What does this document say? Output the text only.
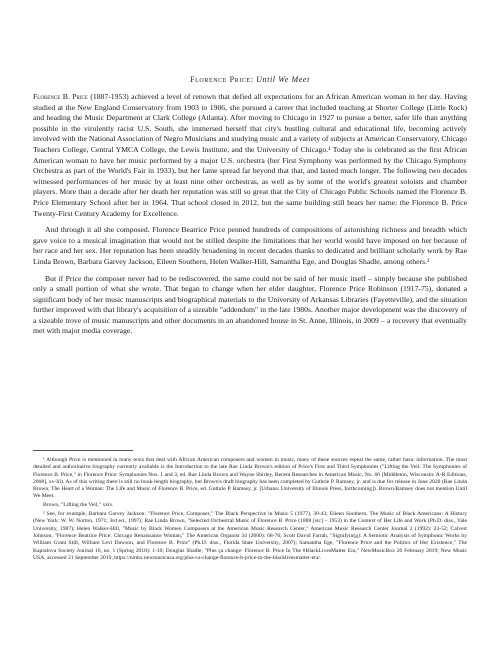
Florence Price: Until We Meet

Florence B. Price (1887-1953) achieved a level of renown that defied all expectations for an African American woman in her day. Having studied at the New England Conservatory from 1903 to 1906, she pursued a career that included teaching at Shorter College (Little Rock) and heading the Music Department at Clark College (Atlanta). After moving to Chicago in 1927 to pursue a better, safer life than anything possible in the virulently racist U.S. South, she immersed herself that city's bustling cultural and educational life, becoming actively involved with the National Association of Negro Musicians and studying music and a variety of subjects at American Conservatory, Chicago Teachers College, Central YMCA College, the Lewis Institute, and the University of Chicago.¹ Today she is celebrated as the first African American woman to have her music performed by a major U.S. orchestra (her First Symphony was performed by the Chicago Symphony Orchestra as part of the World's Fair in 1933), but her fame spread far beyond that that, and lasted much longer. The following two decades witnessed performances of her music by at least nine other orchestras, as well as by some of the world's greatest soloists and chamber players. More than a decade after her death her reputation was still so great that the City of Chicago Public Schools named the Florence B. Price Elementary School after her in 1964. That school closed in 2012, but the same building still bears her name: the Florence B. Price Twenty-First Century Academy for Excellence.

And through it all she composed. Florence Beatrice Price penned hundreds of compositions of astonishing richness and breadth which gave voice to a musical imagination that would not be stilled despite the limitations that her world would have imposed on her because of her race and her sex. Her reputation has been steadily broadening in recent decades thanks to dedicated and brilliant scholarly work by Rae Linda Brown, Barbara Garvey Jackson, Eileen Southern, Helen Walker-Hill, Samantha Ege, and Douglas Shadle, among others.²

But if Price the composer never had to be rediscovered, the same could not be said of her music itself – simply because she published only a small portion of what she wrote. That began to change when her elder daughter, Florence Price Robinson (1917-75), donated a significant body of her music manuscripts and biographical materials to the University of Arkansas Libraries (Fayetteville), and the situation further improved with that library's acquisition of a sizeable "addendum" in the late 1980s. Another major development was the discovery of a sizeable trove of music manuscripts and other documents in an abandoned house in St. Anne, Illinois, in 2009 – a recovery that eventually met with major media coverage.

¹ Although Price is mentioned in many texts that deal with African American composers and women in music, many of these sources repeat the same, rather basic information. The most detailed and authoritative biography currently available is the Introduction to the late Rae Linda Brown's edition of Price's First and Third Symphonies ("Lifting the Veil: The Symphonies of Florence B. Price," in Florence Price: Symphonies Nos. 1 and 3, ed. Rae Linda Brown and Wayne Shirley, Recent Researches in American Music, No. 66 [Middleton, Wisconsin: A-R Editions, 2008], xv-lii). As of this writing there is still no book-length biography, but Brown's draft biography has been completed by Guthrie P. Ramsey, jr. and is due for release in June 2020 (Rae Linda Brown, The Heart of a Woman: The Life and Music of Florence B. Price, ed. Guthrie P. Ramsey, jr. [Urbana: University of Illinois Press, forthcoming]). Brown/Ramsey does not mention Until We Meet.

Brown, "Lifting the Veil," xxiv.

² See, for example, Barbara Garvey Jackson: "Florence Price, Composer," The Black Perspective in Music 5 (1977), 30-43; Eileen Southern, The Music of Black Americans: A History (New York: W. W. Norton, 1971; 3rd ed., 1997); Rae Linda Brown, "Selected Orchestral Music of Florence B. Price (1888 [sic] – 1953) in the Context of Her Life and Work (Ph.D. diss., Yale University, 1987); Helen Walker-Hill, "Music by Black Women Composers at the American Music Research Center," American Music Research Center Journal 2 (1992): 23-52; Calvert Johnson, "Florence Beatrice Price: Chicago Renaissance Woman," The American Organist 34 (2000): 68-76; Scott David Farrah, "Signifyin(g): A Semiotic Analysis of Symphonic Works by William Grant Still, William Levi Dawson, and Florence B. Price" (Ph.D. diss., Florida State University, 2007); Samantha Ege, "Florence Price and the Politics of Her Existence," The Kapralova Society Journal 16, no. 1 (Spring 2018): 1-10; Douglas Shadle, "Plus ça change: Florence B. Price In The #BlackLivesMatter Era," NewMusicBox 20 February 2019; New Music USA, accessed 21 September 2019, https://nmbx.newmusicusa.org/plus-ca-change-florence-b-price-in-the-blacklivesmatter-era/.
